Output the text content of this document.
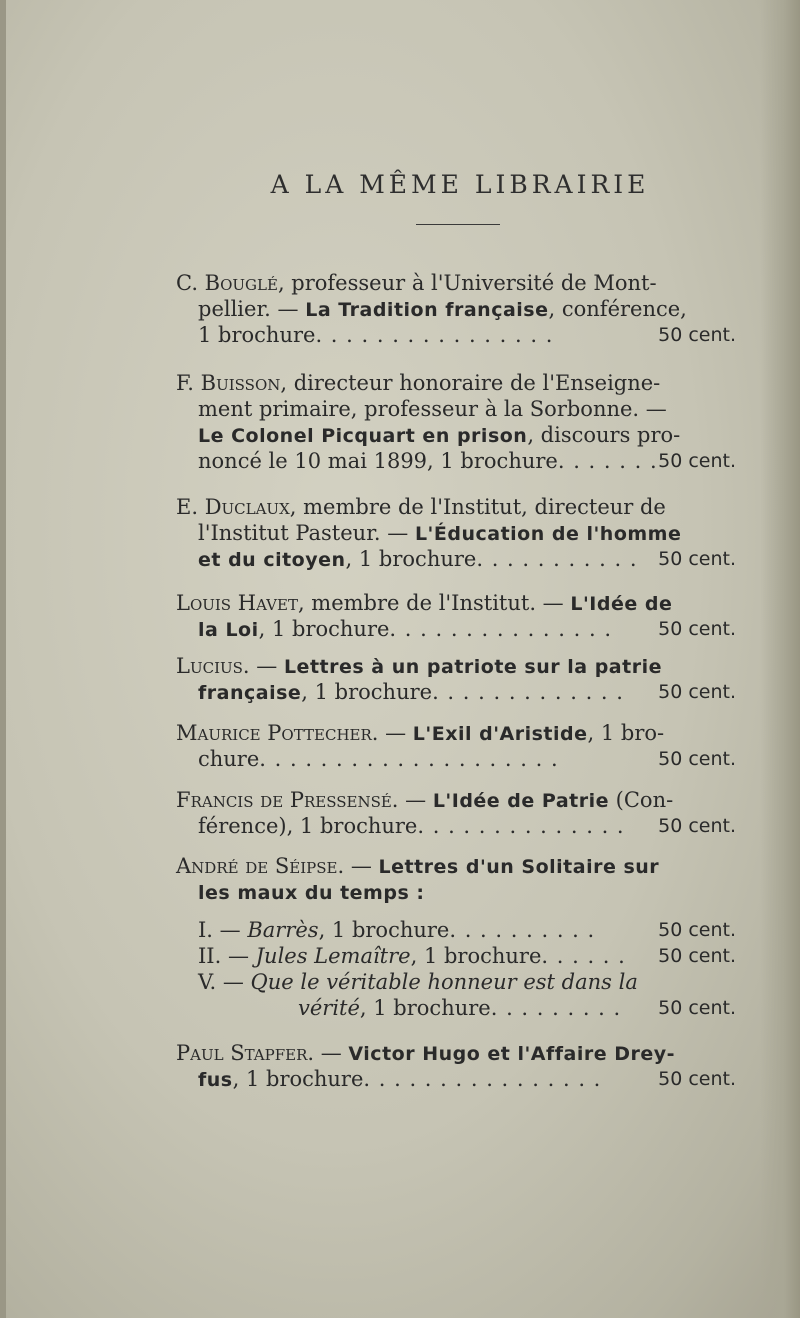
A LA MÊME LIBRAIRIE
C. Bouglé, professeur à l'Université de Mont-
pellier. — La Tradition française, conférence,
1 brochure. . . . . . . . . . . . . . . .	50 cent.
F. Buisson, directeur honoraire de l'Enseigne-
ment primaire, professeur à la Sorbonne. —
Le Colonel Picquart en prison, discours pro-
noncé le 10 mai 1899, 1 brochure. . . . . . . 50 cent.
E. Duclaux, membre de l'Institut, directeur de
l'Institut Pasteur. — L'Éducation de l'homme
et du citoyen, 1 brochure. . . . . . . . . . . 50 cent.
Louis Havet, membre de l'Institut. — L'Idée de
la Loi, 1 brochure. . . . . . . . . . . . . . . 50 cent.
Lucius. — Lettres à un patriote sur la patrie
française, 1 brochure. . . . . . . . . . . . . 50 cent.
Maurice Pottecher. — L'Exil d'Aristide, 1 bro-
chure. . . . . . . . . . . . . . . . . . . .	50 cent.
Francis de Pressensé. — L'Idée de Patrie (Con-
férence), 1 brochure. . . . . . . . . . . . . . 50 cent.
André de Séipse. — Lettres d'un Solitaire sur
les maux du temps :
I. — Barrès, 1 brochure. . . . . . . . . .	50 cent.
II. — Jules Lemaître, 1 brochure. . . . . . 50 cent.
V. — Que le véritable honneur est dans la
vérité, 1 brochure. . . . . . . . . 50 cent.
Paul Stapfer. — Victor Hugo et l'Affaire Drey-
fus, 1 brochure. . . . . . . . . . . . . . . .	50 cent.
